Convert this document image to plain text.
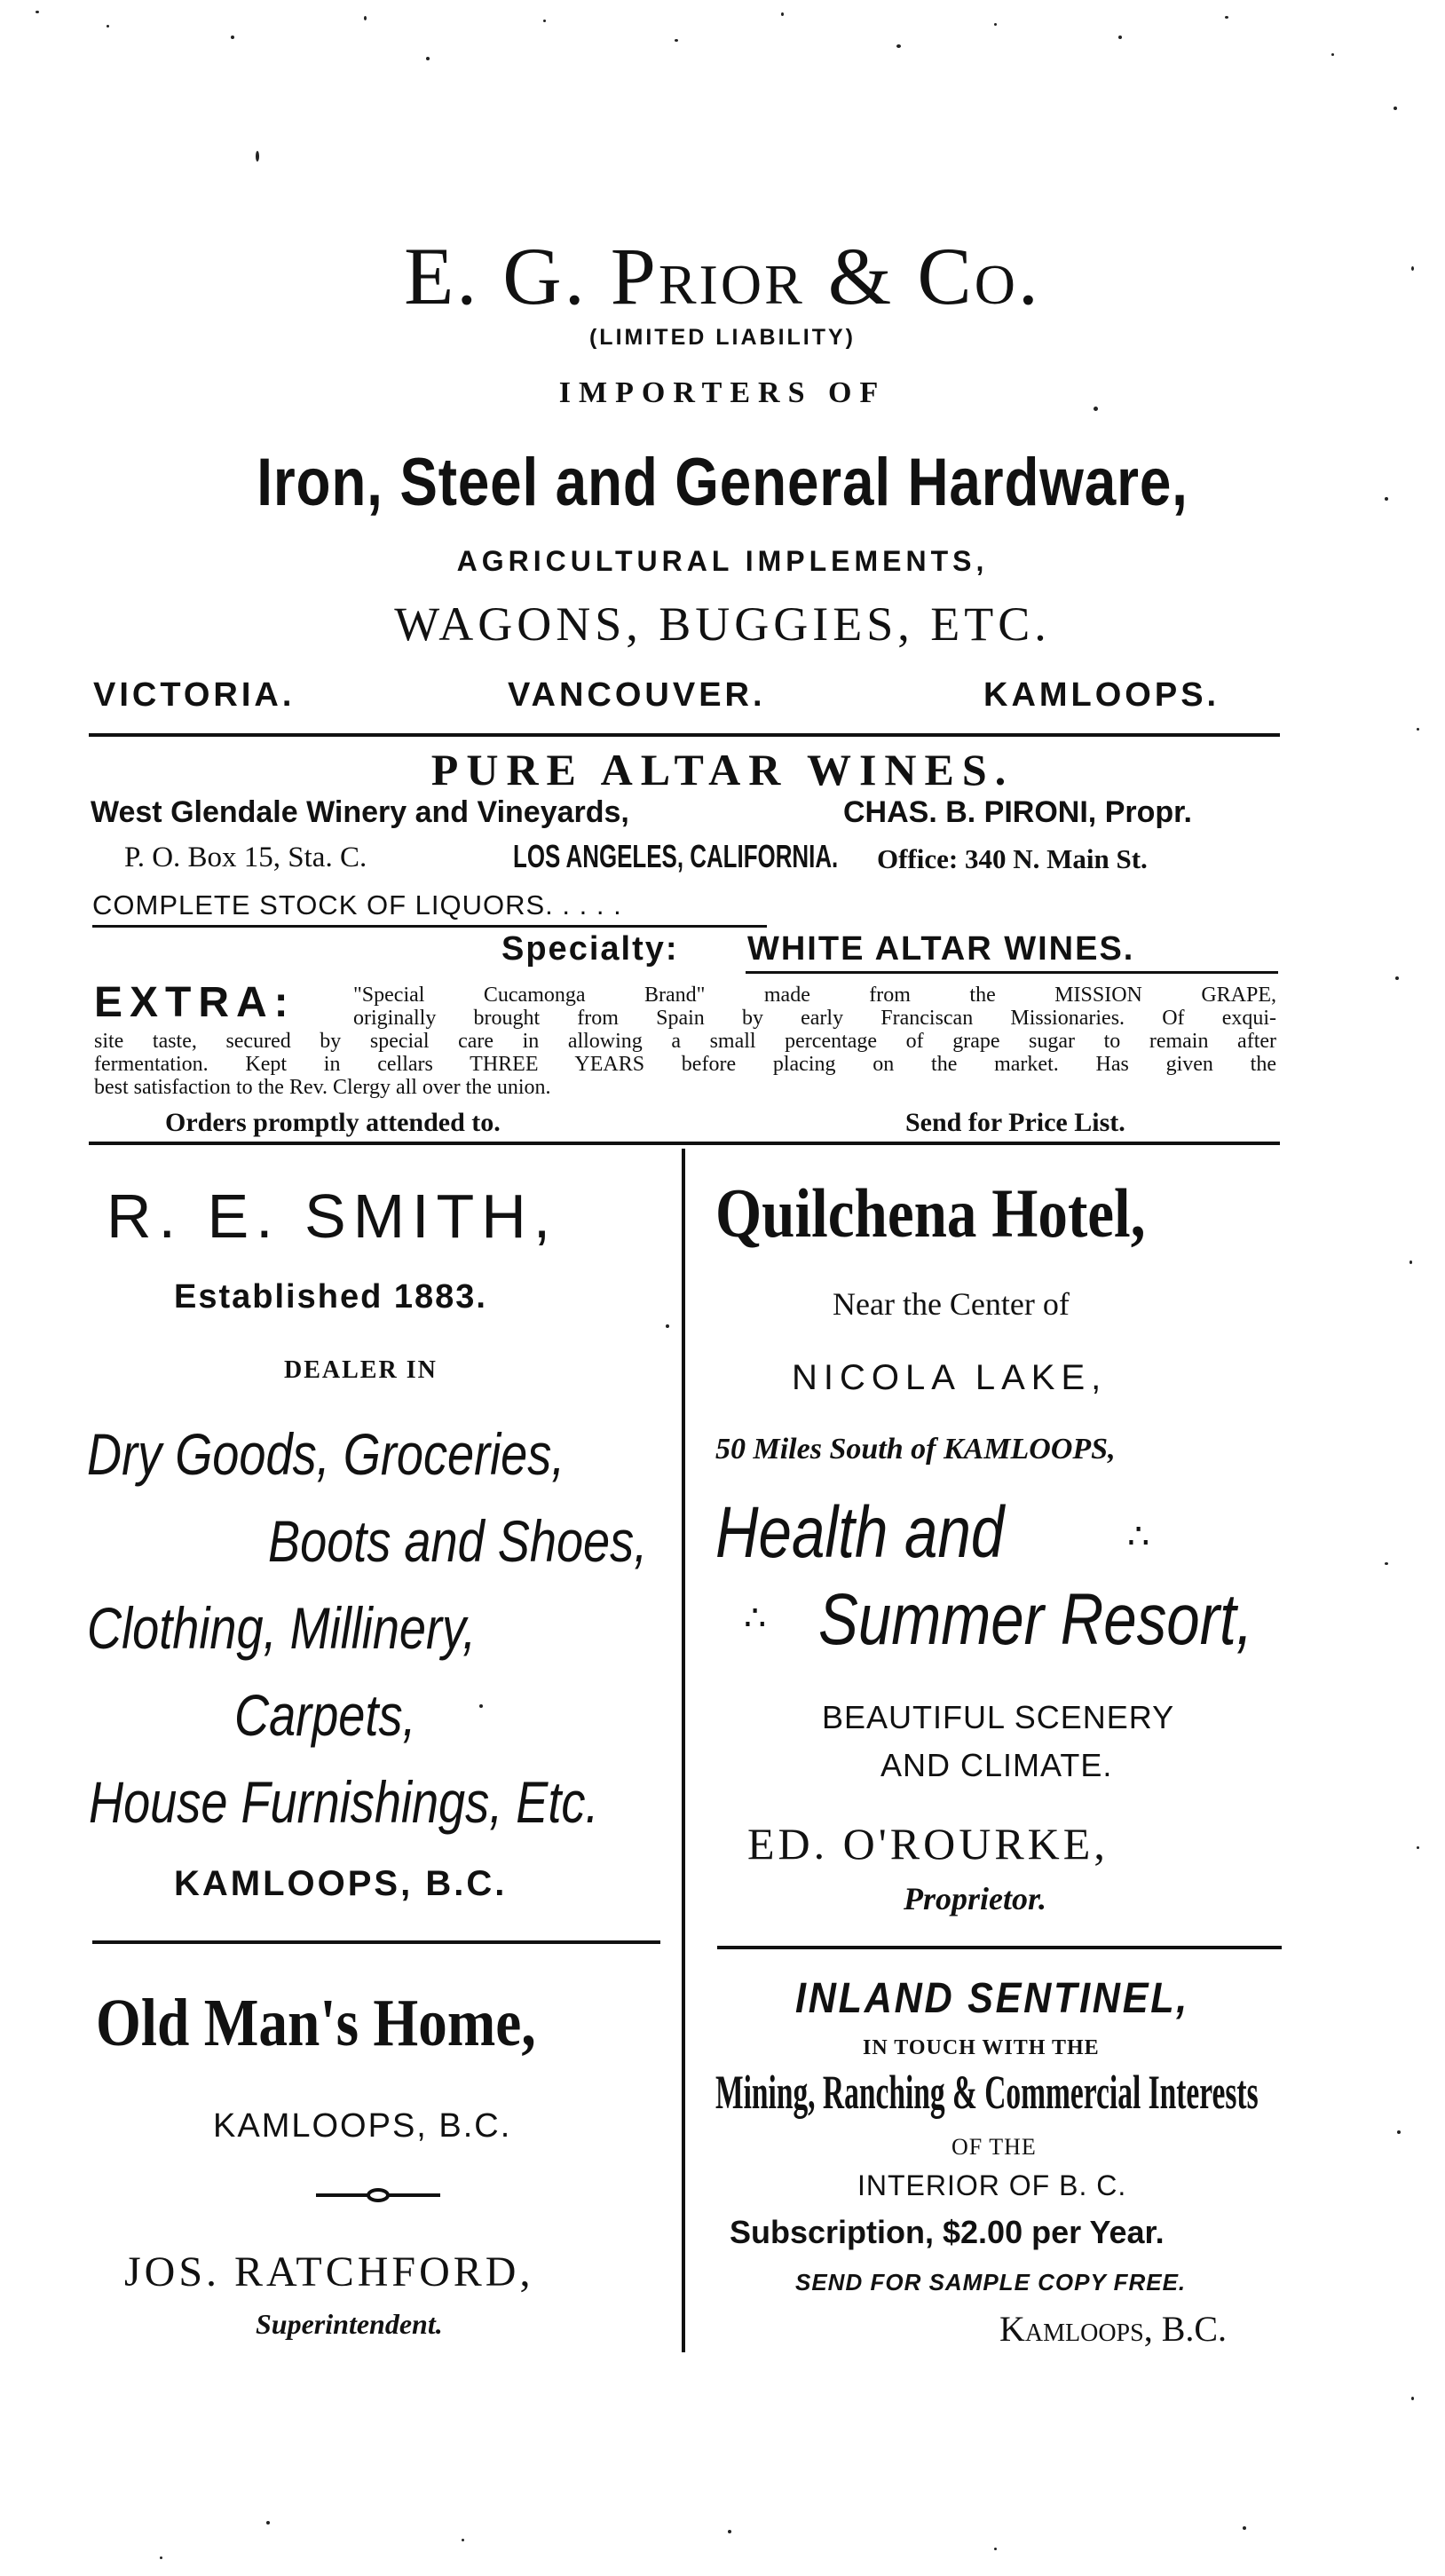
E. G. Prior & Co.
(LIMITED LIABILITY)
IMPORTERS OF
Iron, Steel and General Hardware,
AGRICULTURAL IMPLEMENTS,
WAGONS, BUGGIES, ETC.
VICTORIA.	VANCOUVER.	KAMLOOPS.
PURE ALTAR WINES.
West Glendale Winery and Vineyards,	CHAS. B. PIRONI, Propr.
P. O. Box 15, Sta. C.	LOS ANGELES, CALIFORNIA. Office: 340 N. Main St.
COMPLETE STOCK OF LIQUORS. . . . .
Specialty: WHITE ALTAR WINES.
EXTRA:	"Special Cucamonga Brand" made from the MISSION GRAPE,
originally brought from Spain by early Franciscan Missionaries. Of exqui-
site taste, secured by special care in allowing a small percentage of grape sugar to remain after
fermentation. Kept in cellars THREE YEARS before placing on the market. Has given the
best satisfaction to the Rev. Clergy all over the union.
Orders promptly attended to.	Send for Price List.
R. E. SMITH,
Established 1883.
DEALER IN
Dry Goods, Groceries,
Boots and Shoes,
Clothing, Millinery,
Carpets,
House Furnishings, Etc.
KAMLOOPS, B.C.
Quilchena Hotel,
Near the Center of
NICOLA LAKE,
50 Miles South of KAMLOOPS,
Health and	∴
∴ Summer Resort,
BEAUTIFUL SCENERY
AND CLIMATE.
ED. O'ROURKE,
Proprietor.
Old Man's Home,
KAMLOOPS, B.C.
JOS. RATCHFORD,
Superintendent.
INLAND SENTINEL,
IN TOUCH WITH THE
Mining, Ranching & Commercial Interests
OF THE
INTERIOR OF B. C.
Subscription, $2.00 per Year.
SEND FOR SAMPLE COPY FREE.
Kamloops, B.C.
